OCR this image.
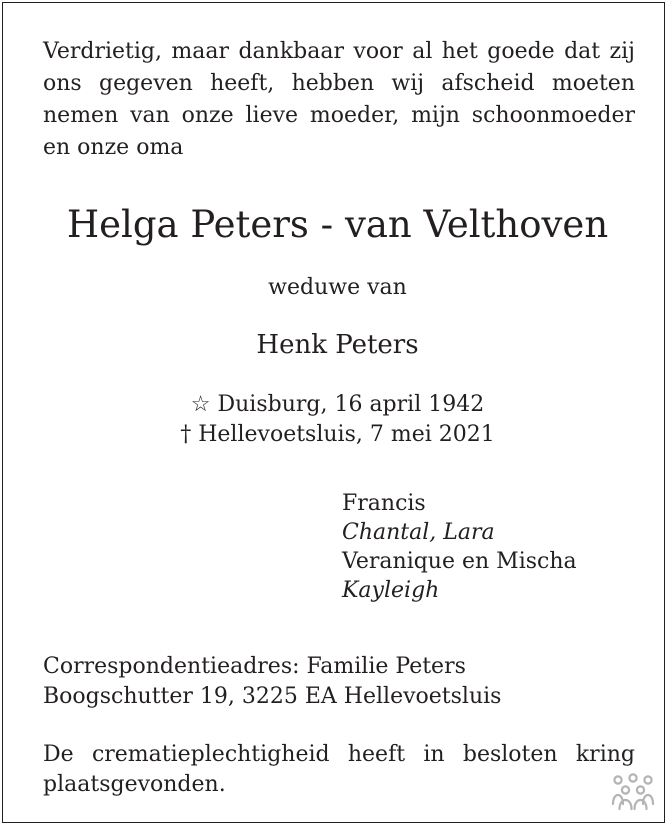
Verdrietig, maar dankbaar voor al het goede dat zij ons gegeven heeft, hebben wij afscheid moeten nemen van onze lieve moeder, mijn schoonmoeder en onze oma

Helga Peters - van Velthoven
weduwe van
Henk Peters
☆ Duisburg, 16 april 1942
† Hellevoetsluis, 7 mei 2021
Francis
Chantal, Lara
Veranique en Mischa
Kayleigh
Correspondentieadres: Familie Peters
Boogschutter 19, 3225 EA Hellevoetsluis

De crematieplechtigheid heeft in besloten kring plaatsgevonden.
